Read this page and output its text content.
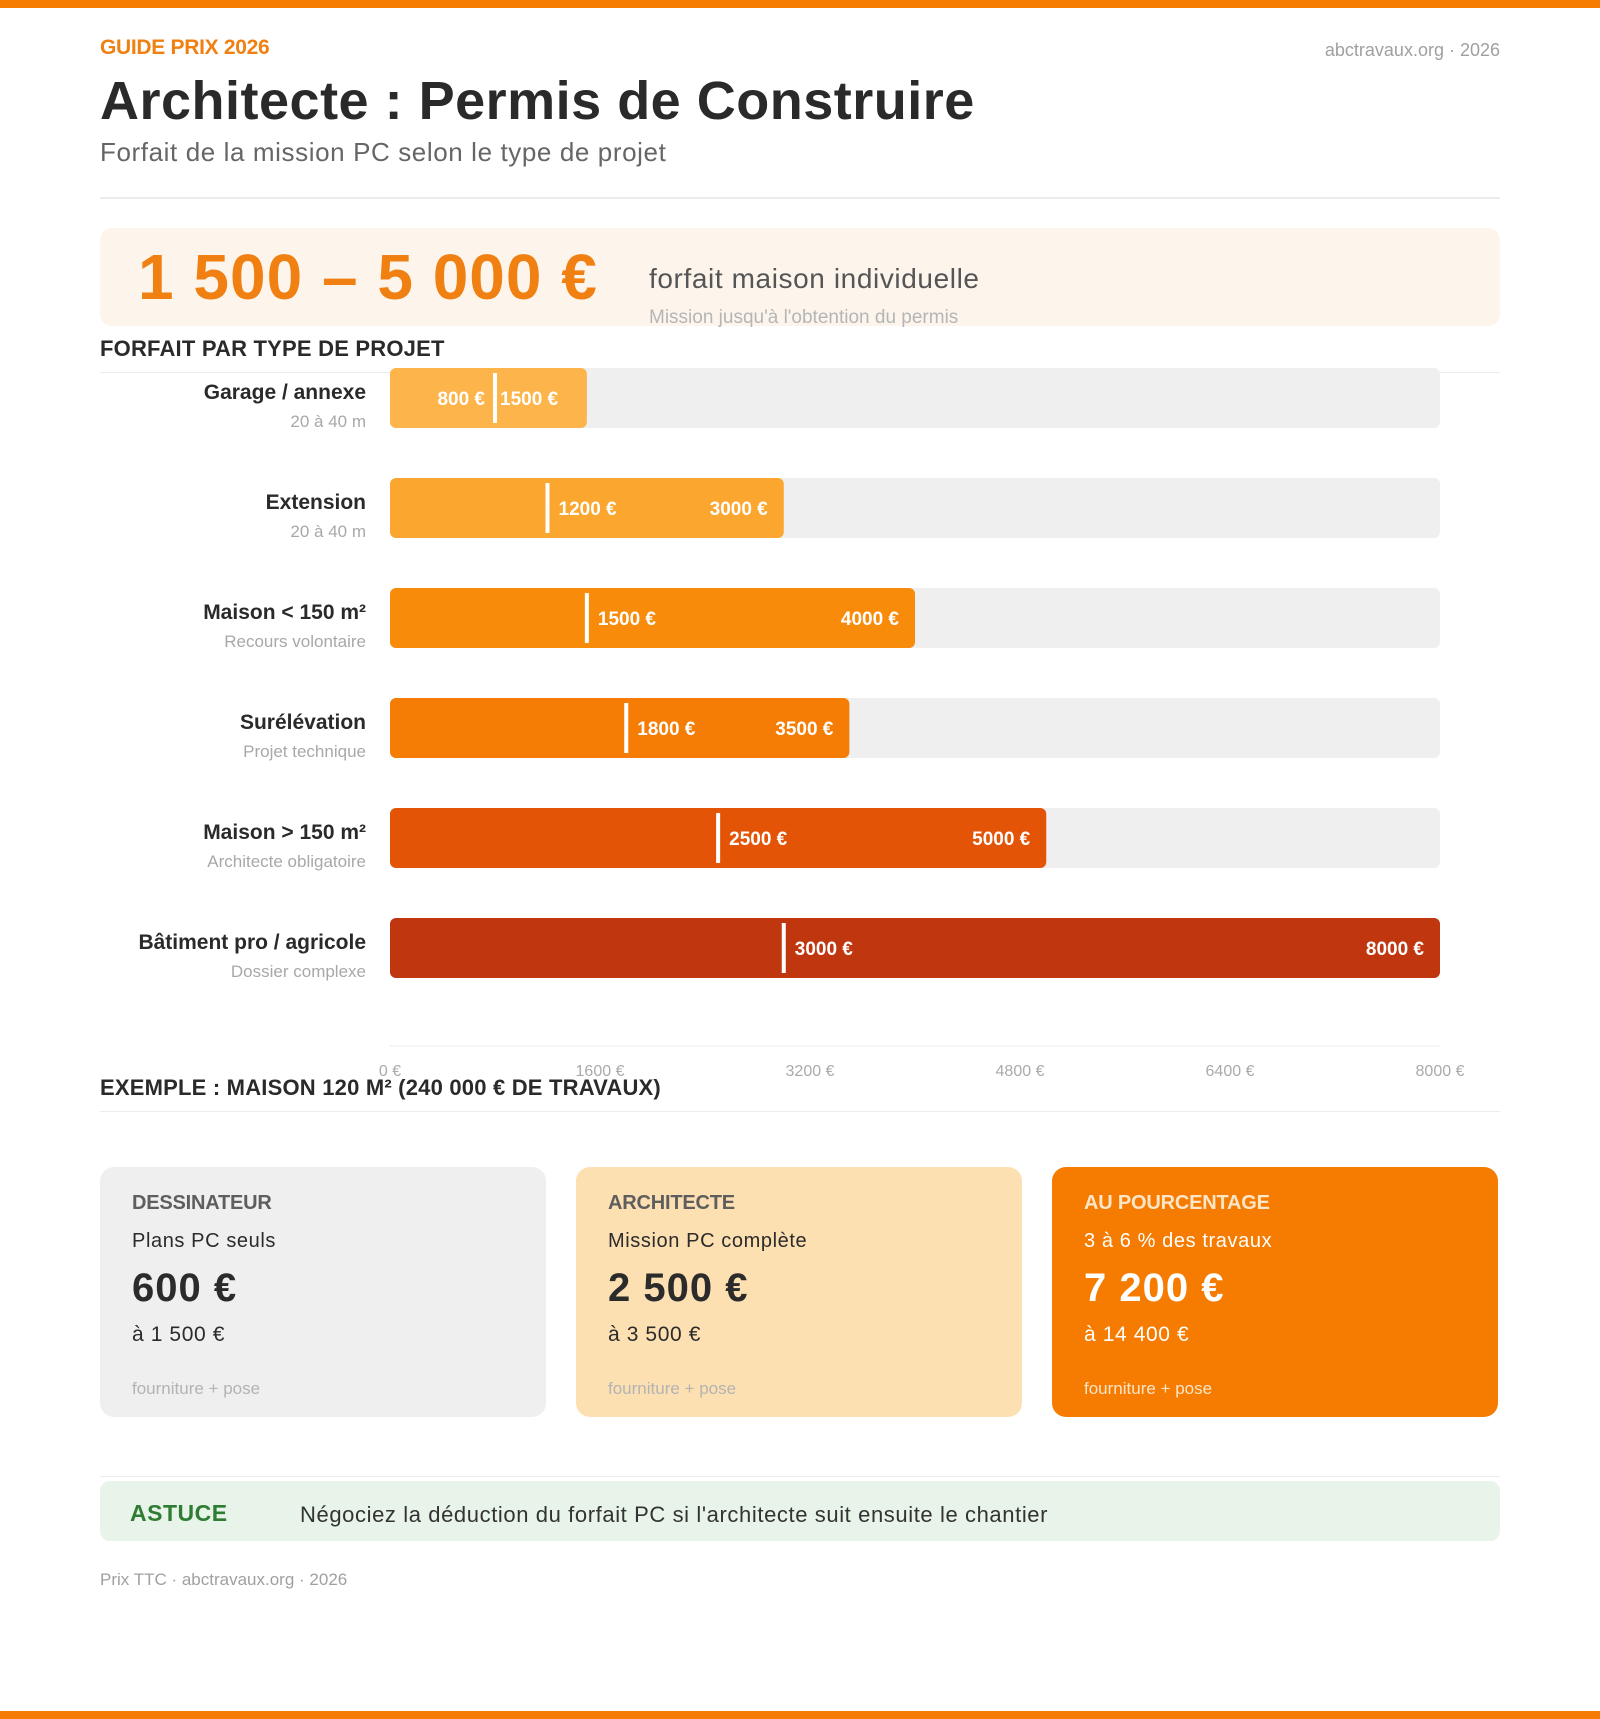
GUIDE PRIX 2026	abctravaux.org · 2026
Architecte : Permis de Construire
Forfait de la mission PC selon le type de projet
1 500 – 5 000 € forfait maison individuelle
Mission jusqu'à l'obtention du permis
FORFAIT PAR TYPE DE PROJET
Garage / annexe
20 à 40 m
800 € 1500 €
Extension
20 à 40 m
1200 €	3000 €
Maison < 150 m²
Recours volontaire
1500 €	4000 €
Surélévation
Projet technique
1800 €	3500 €
Maison > 150 m²
Architecte obligatoire
2500 €	5000 €
Bâtiment pro / agricole
Dossier complexe
3000 €	8000 €
0 €	1600 €	3200 €	4800 €	6400 €	8000 €
EXEMPLE : MAISON 120 M² (240 000 € DE TRAVAUX)
DESSINATEUR
Plans PC seuls
600 €
à 1 500 €
fourniture + pose
ARCHITECTE
Mission PC complète
2 500 €
à 3 500 €
fourniture + pose
AU POURCENTAGE
3 à 6 % des travaux
7 200 €
à 14 400 €
fourniture + pose
ASTUCE	Négociez la déduction du forfait PC si l'architecte suit ensuite le chantier
Prix TTC · abctravaux.org · 2026
